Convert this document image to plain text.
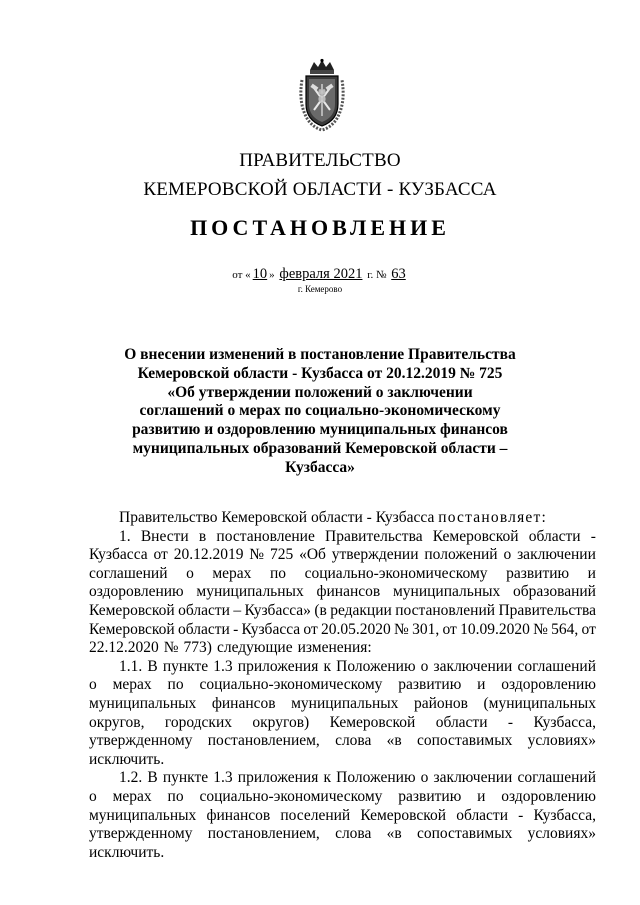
ПРАВИТЕЛЬСТВО
КЕМЕРОВСКОЙ ОБЛАСТИ - КУЗБАССА
ПОСТАНОВЛЕНИЕ
от « 10 » февраля 2021 г. № 63
г. Кемерово
О внесении изменений в постановление Правительства
Кемеровской области - Кузбасса от 20.12.2019 № 725
«Об утверждении положений о заключении
соглашений о мерах по социально-экономическому
развитию и оздоровлению муниципальных финансов
муниципальных образований Кемеровской области –
Кузбасса»
Правительство Кемеровской области - Кузбасса постановляет:
1. Внести в постановление Правительства Кемеровской области -
Кузбасса от 20.12.2019 № 725 «Об утверждении положений о заключении
соглашений о мерах по социально-экономическому развитию и
оздоровлению муниципальных финансов муниципальных образований
Кемеровской области – Кузбасса» (в редакции постановлений Правительства
Кемеровской области - Кузбасса от 20.05.2020 № 301, от 10.09.2020 № 564, от
22.12.2020 № 773) следующие изменения:
1.1. В пункте 1.3 приложения к Положению о заключении соглашений
о мерах по социально-экономическому развитию и оздоровлению
муниципальных финансов муниципальных районов (муниципальных
округов, городских округов) Кемеровской области - Кузбасса,
утвержденному постановлением, слова «в сопоставимых условиях»
исключить.
1.2. В пункте 1.3 приложения к Положению о заключении соглашений
о мерах по социально-экономическому развитию и оздоровлению
муниципальных финансов поселений Кемеровской области - Кузбасса,
утвержденному постановлением, слова «в сопоставимых условиях»
исключить.
